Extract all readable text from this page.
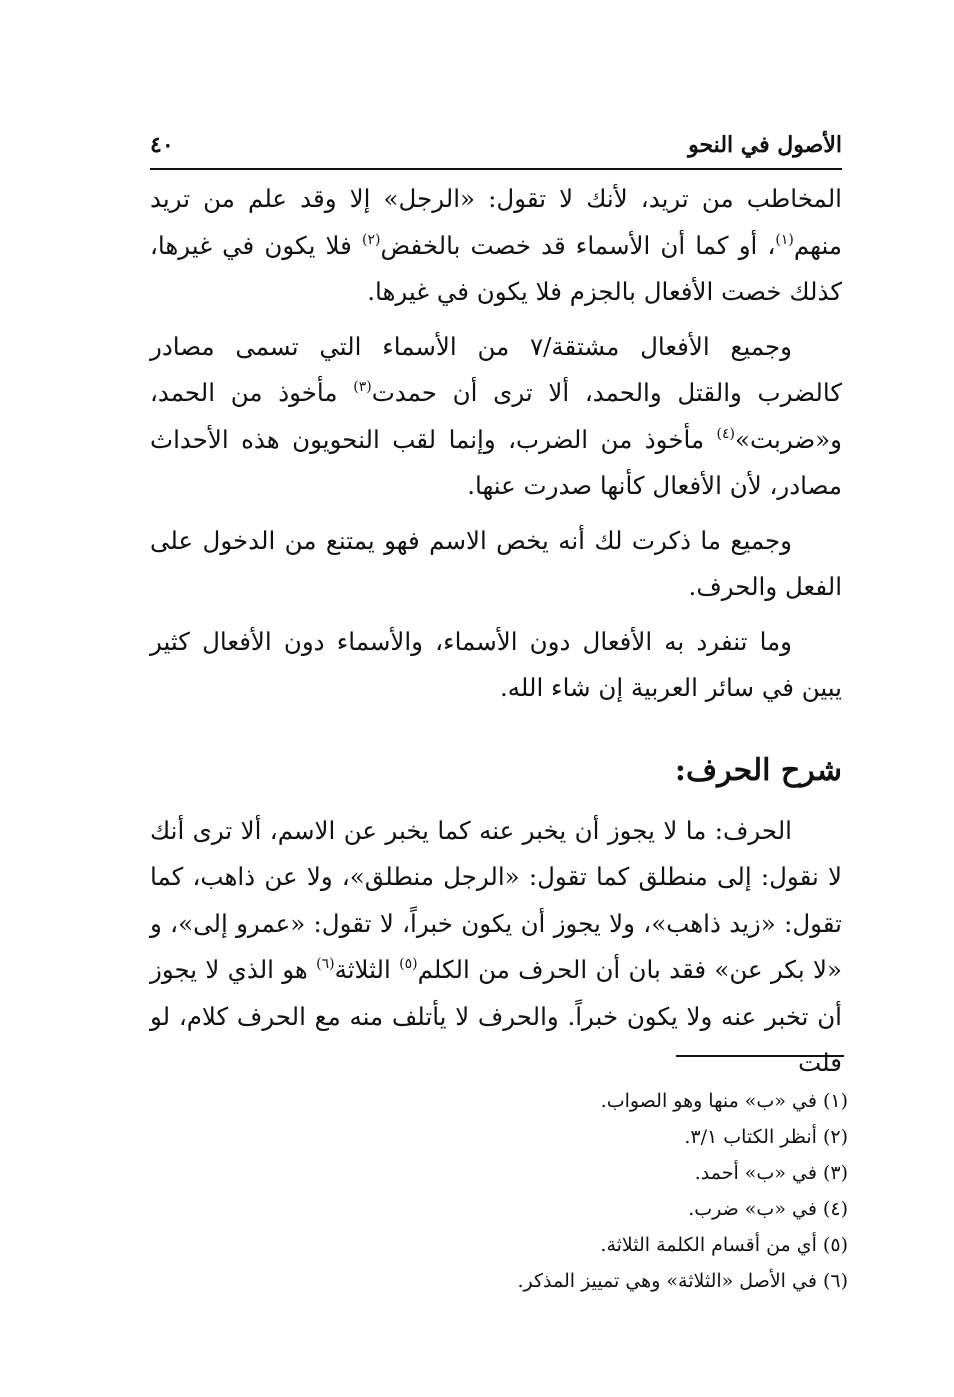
الأصول في النحو
٤٠

المخاطب من تريد، لأنك لا تقول: «الرجل» إلا وقد علم من تريد منهم$^{(١)}$، أو كما أن الأسماء قد خصت بالخفض$^{(٢)}$ فلا يكون في غيرها، كذلك خصت الأفعال بالجزم فلا يكون في غيرها.

وجميع الأفعال مشتقة/٧ من الأسماء التي تسمى مصادر كالضرب والقتل والحمد، ألا ترى أن حمدت$^{(٣)}$ مأخوذ من الحمد، و«ضربت»$^{(٤)}$ مأخوذ من الضرب، وإنما لقب النحويون هذه الأحداث مصادر، لأن الأفعال كأنها صدرت عنها.

وجميع ما ذكرت لك أنه يخص الاسم فهو يمتنع من الدخول على الفعل والحرف.

وما تنفرد به الأفعال دون الأسماء، والأسماء دون الأفعال كثير يبين في سائر العربية إن شاء الله.

شرح الحرف:

الحرف: ما لا يجوز أن يخبر عنه كما يخبر عن الاسم، ألا ترى أنك لا نقول: إلى منطلق كما تقول: «الرجل منطلق»، ولا عن ذاهب، كما تقول: «زيد ذاهب»، ولا يجوز أن يكون خبراً، لا تقول: «عمرو إلى»، و «لا بكر عن» فقد بان أن الحرف من الكلم$^{(٥)}$ الثلاثة$^{(٦)}$ هو الذي لا يجوز أن تخبر عنه ولا يكون خبراً. والحرف لا يأتلف منه مع الحرف كلام، لو قلت

(١) في «ب» منها وهو الصواب.
(٢) أنظر الكتاب ٣/١.
(٣) في «ب» أحمد.
(٤) في «ب» ضرب.
(٥) أي من أقسام الكلمة الثلاثة.
(٦) في الأصل «الثلاثة» وهي تمييز المذكر.
